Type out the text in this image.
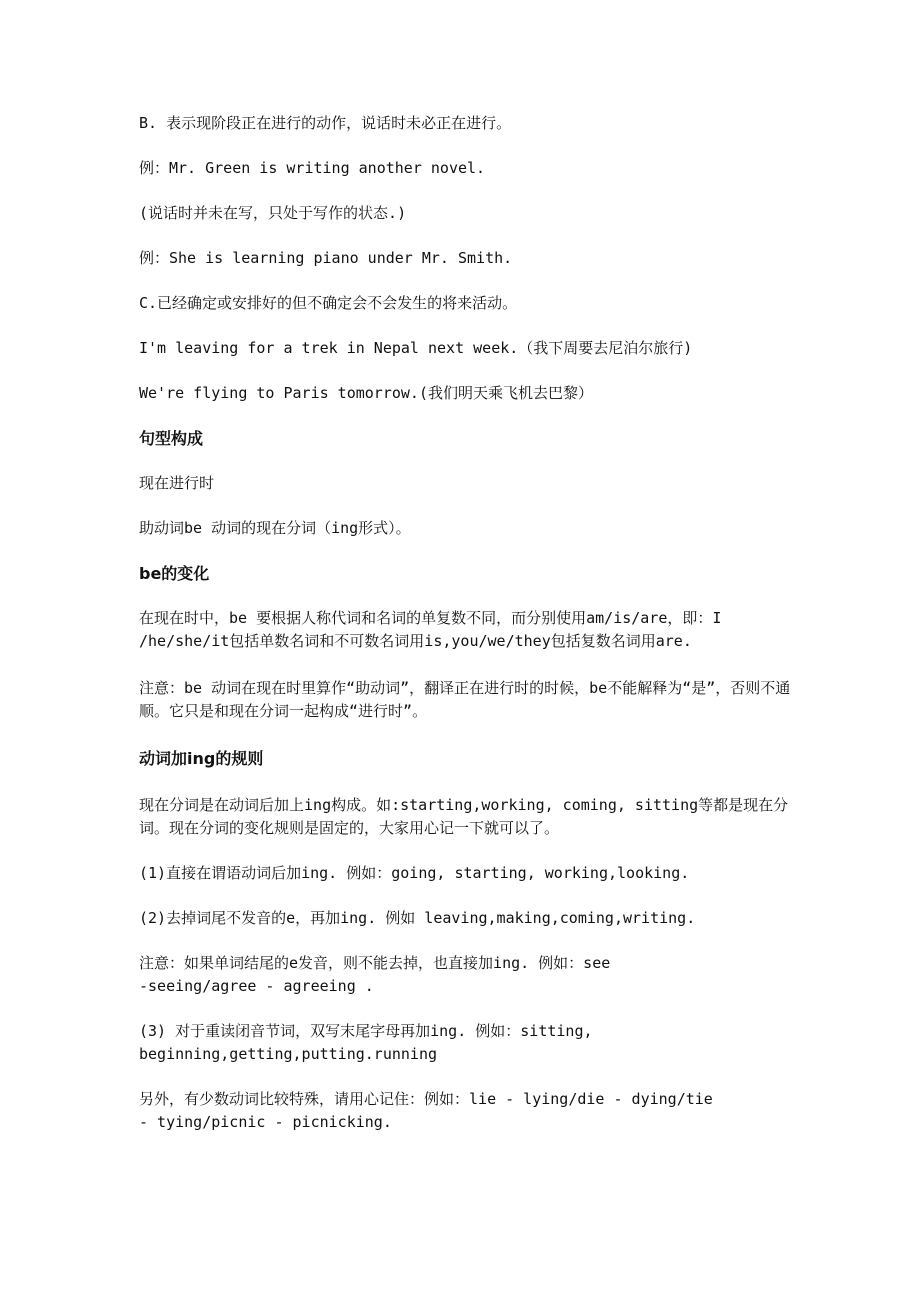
B. 表示现阶段正在进行的动作，说话时未必正在进行。

例：Mr. Green is writing another novel.

(说话时并未在写，只处于写作的状态.)

例：She is learning piano under Mr. Smith.

C.已经确定或安排好的但不确定会不会发生的将来活动。

I'm leaving for a trek in Nepal next week.（我下周要去尼泊尔旅行)

We're flying to Paris tomorrow.(我们明天乘飞机去巴黎）

句型构成

现在进行时

助动词be 动词的现在分词（ing形式）。

be的变化

在现在时中，be 要根据人称代词和名词的单复数不同，而分别使用am/is/are，即：I /he/she/it包括单数名词和不可数名词用is,you/we/they包括复数名词用are.

注意：be 动词在现在时里算作“助动词”，翻译正在进行时的时候，be不能解释为“是”，否则不通顺。它只是和现在分词一起构成“进行时”。

动词加ing的规则

现在分词是在动词后加上ing构成。如:starting,working, coming, sitting等都是现在分词。现在分词的变化规则是固定的，大家用心记一下就可以了。

(1)直接在谓语动词后加ing. 例如：going, starting, working,looking.

(2)去掉词尾不发音的e，再加ing. 例如 leaving,making,coming,writing.

注意：如果单词结尾的e发音，则不能去掉，也直接加ing. 例如：see
-seeing/agree - agreeing .

(3) 对于重读闭音节词，双写末尾字母再加ing. 例如：sitting,
beginning,getting,putting.running

另外，有少数动词比较特殊，请用心记住：例如：lie - lying/die - dying/tie
- tying/picnic - picnicking.
